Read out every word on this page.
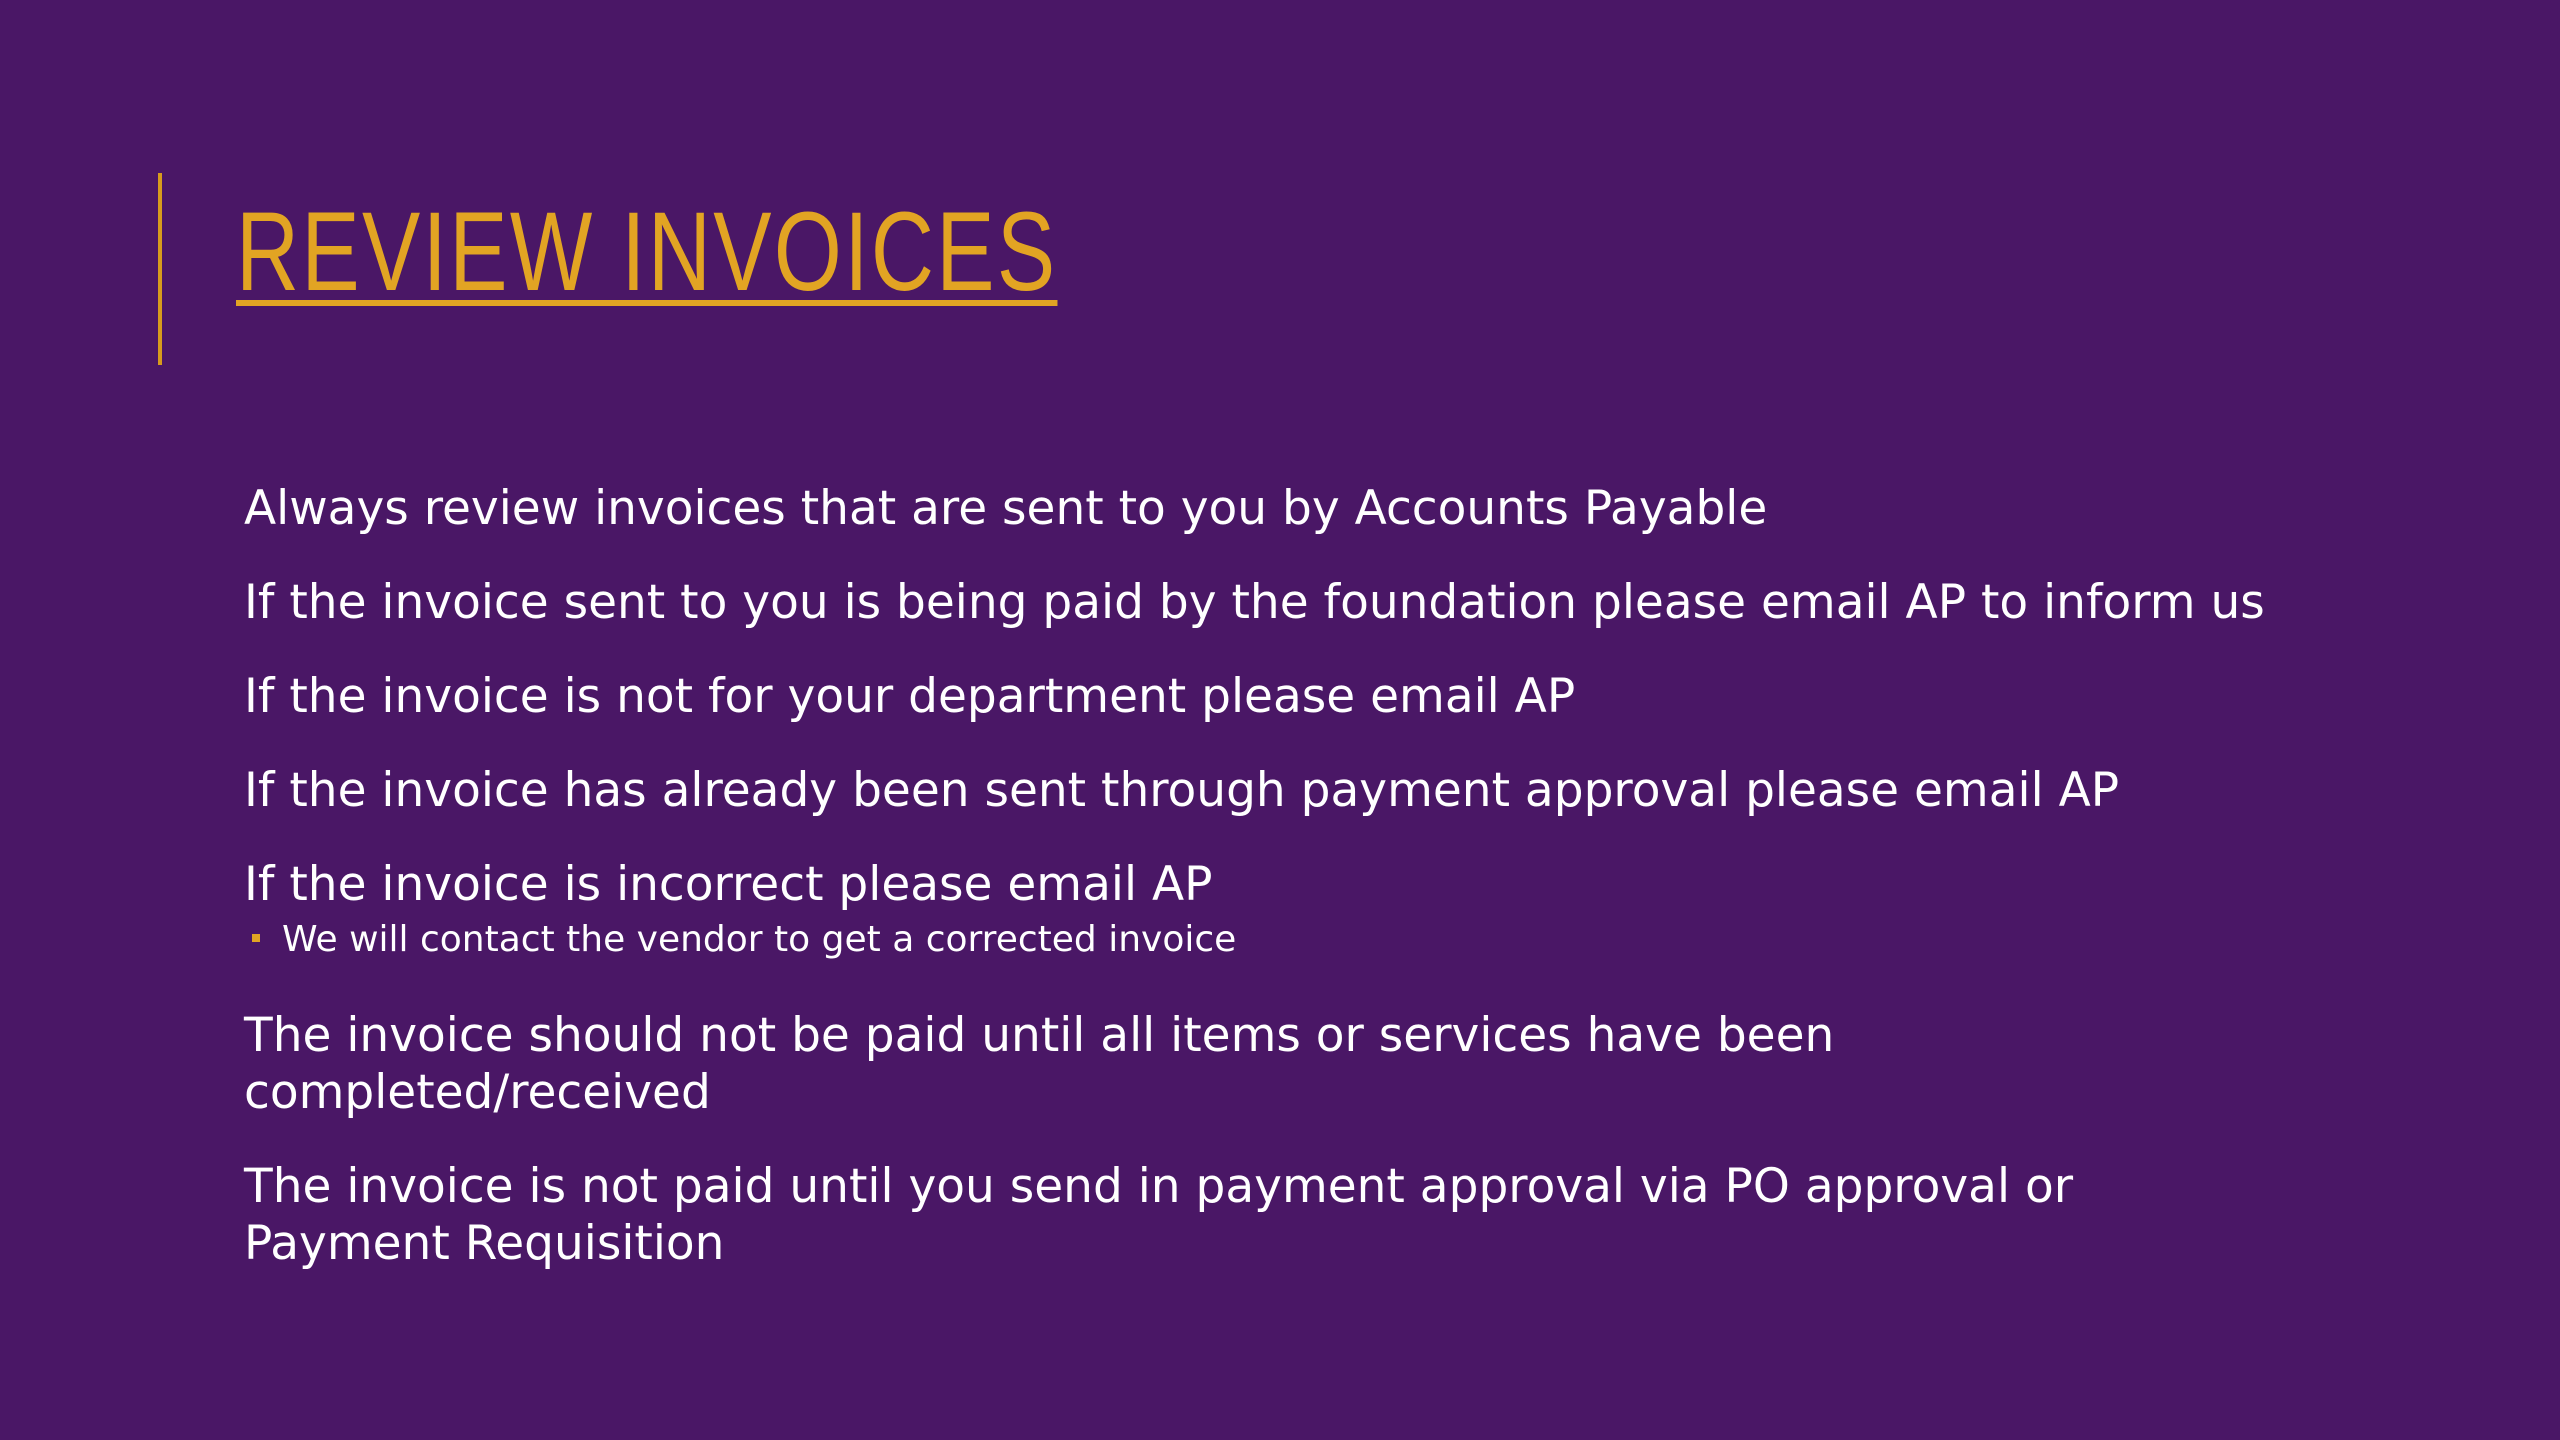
REVIEW INVOICES

Always review invoices that are sent to you by Accounts Payable

If the invoice sent to you is being paid by the foundation please email AP to inform us

If the invoice is not for your department please email AP

If the invoice has already been sent through payment approval please email AP

If the invoice is incorrect please email AP

We will contact the vendor to get a corrected invoice

The invoice should not be paid until all items or services have been completed/received

The invoice is not paid until you send in payment approval via PO approval or Payment Requisition
